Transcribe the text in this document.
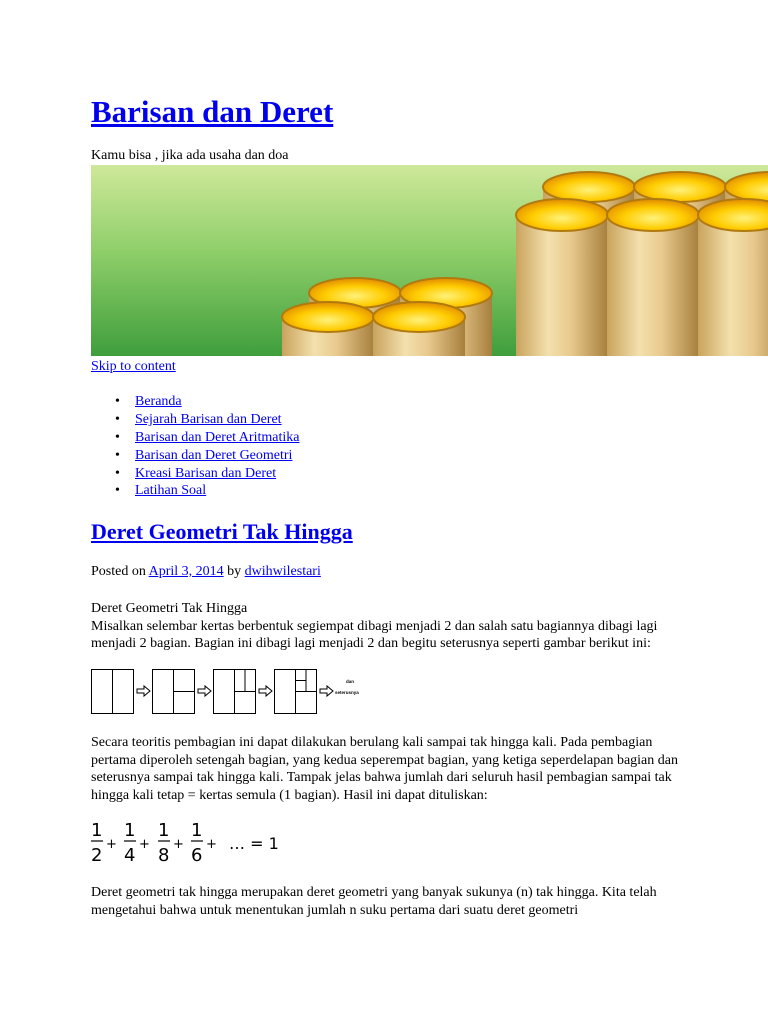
Barisan dan Deret
Kamu bisa , jika ada usaha dan doa
Skip to content
• Beranda
• Sejarah Barisan dan Deret
• Barisan dan Deret Aritmatika
• Barisan dan Deret Geometri
• Kreasi Barisan dan Deret
• Latihan Soal
Deret Geometri Tak Hingga
Posted on April 3, 2014 by dwihwilestari
Deret Geometri Tak Hingga
Misalkan selembar kertas berbentuk segiempat dibagi menjadi 2 dan salah satu bagiannya dibagi lagi menjadi 2 bagian. Bagian ini dibagi lagi menjadi 2 dan begitu seterusnya seperti gambar berikut ini:
dan
seterusnya
Secara teoritis pembagian ini dapat dilakukan berulang kali sampai tak hingga kali. Pada pembagian pertama diperoleh setengah bagian, yang kedua seperempat bagian, yang ketiga seperdelapan bagian dan seterusnya sampai tak hingga kali. Tampak jelas bahwa jumlah dari seluruh hasil pembagian sampai tak hingga kali tetap = kertas semula (1 bagian). Hasil ini dapat dituliskan:
1
2
+
1
4
+
1
8
+
1
6
+ … = 1
Deret geometri tak hingga merupakan deret geometri yang banyak sukunya (n) tak hingga. Kita telah mengetahui bahwa untuk menentukan jumlah n suku pertama dari suatu deret geometri
